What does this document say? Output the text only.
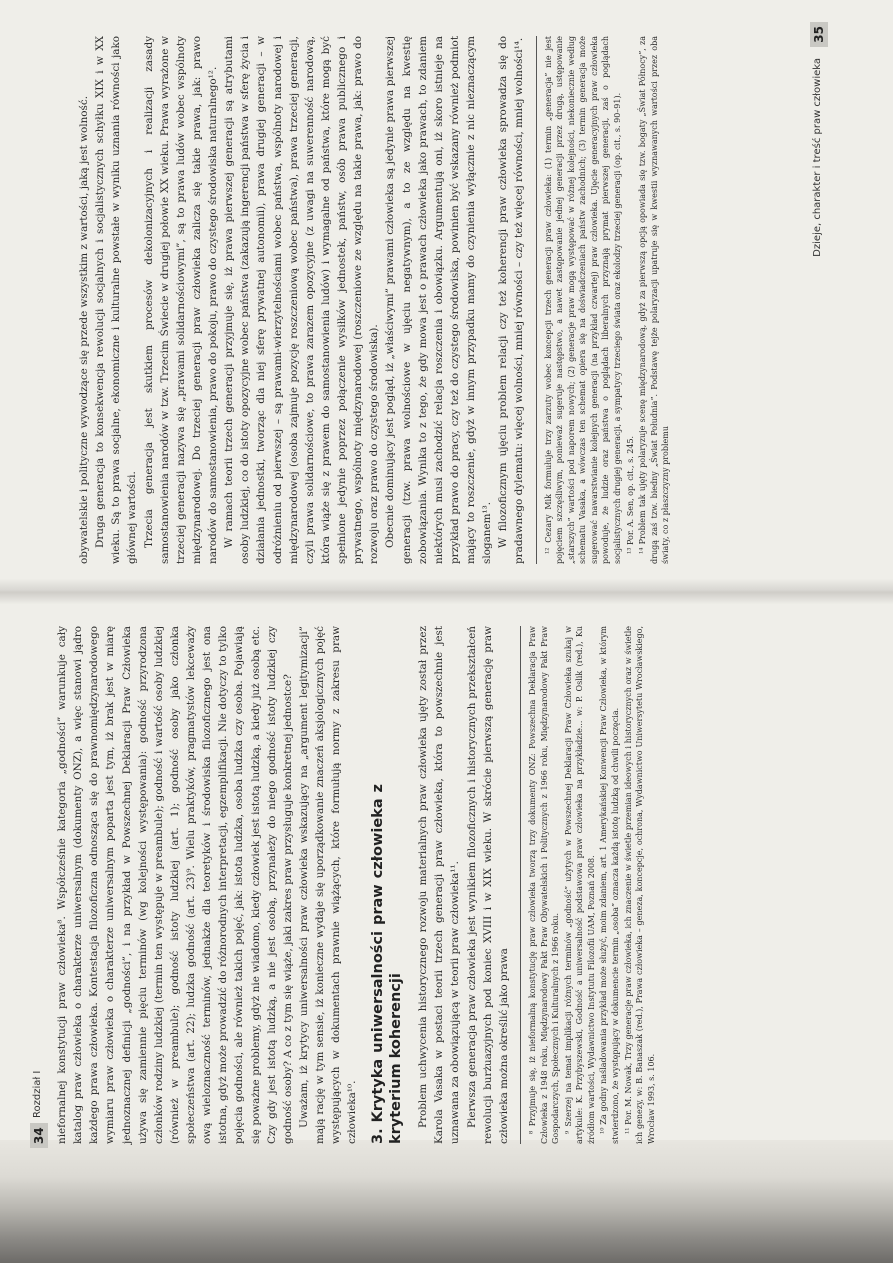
34
Rozdział I niefornalnej konstytucji praw człowieka⁸. Współcześnie kategoria „godności” warunkuje cały katalog praw człowieka o charakterze uniwersalnym (dokumenty ONZ), a więc stanowi jądro każdego prawa człowieka. Kontestacja filozoficzna odnosząca się do prawnomiędzynarodowego wymiaru praw człowieka o charakterze uniwersalnym poparta jest tym, iż brak jest w miarę jednoznacznej definicji „godności”, i na przykład w Powszechnej Deklaracji Praw Człowieka używa się zamiennie pięciu terminów (wg kolejności występowania): godność przyrodzona członków rodziny ludzkiej (termin ten występuje w preambule); godność i wartość osoby ludzkiej (również w preambule); godność istoty ludzkiej (art. 1); godność osoby jako członka społeczeństwa (art. 22); ludzka godność (art. 23)⁹. Wielu praktyków, pragmatystów lekceważy ową wieloznaczność terminów, jednakże dla teoretyków i środowiska filozoficznego jest ona istotna, gdyż może prowadzić do różnorodnych interpretacji, egzemplifikacji. Nie dotyczy to tylko pojęcia godności, ale również takich pojęć, jak: istota ludzka, osoba ludzka czy osoba. Pojawiają się poważne problemy, gdyż nie wiadomo, kiedy człowiek jest istotą ludzką, a kiedy już osobą etc. Czy gdy jest istotą ludzką, a nie jest osobą, przynależy do niego godność istoty ludzkiej czy godność osoby? A co z tym się wiąże, jaki zakres praw przysługuje konkretnej jednostce? Uważam, iż krytycy uniwersalności praw człowieka wskazujący na „argument legitymizacji” mają rację w tym sensie, iż konieczne wydaje się uporządkowanie znaczeń aksjologicznych pojęć występujących w dokumentach prawnie wiążących, które formułują normy z zakresu praw człowieka¹⁰. 3. Krytyka uniwersalności praw człowieka z kryterium koherencji Problem uchwycenia historycznego rozwoju materialnych praw człowieka ujęty został przez Karola Vasaka w postaci teorii trzech generacji praw człowieka, która to powszechnie jest uznawana za obowiązującą w teorii praw człowieka¹¹. Pierwsza generacja praw człowieka jest wynikiem filozoficznych i historycznych przekształceń rewolucji burżuazyjnych pod koniec XVIII i w XIX wieku. W skrócie pierwszą generację praw człowieka można określić jako prawa ⁸ Przyjmuje się, iż nieformalną konstytucję praw człowieka tworzą trzy dokumenty ONZ: Powszechna Deklaracja Praw Człowieka z 1948 roku, Międzynarodowy Pakt Praw Obywatelskich i Politycznych z 1966 roku, Międzynarodowy Pakt Praw Gospodarczych, Społecznych i Kulturalnych z 1966 roku. ⁹ Szerzej na temat implikacji różnych terminów „godność” użytych w Powszechnej Deklaracji Praw Człowieka szukaj w artykule: K. Przybyszewski, Godność a uniwersalność podstawowa praw człowieka na przykładzie... w: P. Oslik (red.), Ku źródłom wartości, Wydawnictwo Instytutu Filozofii UAM, Poznań 2008. ¹⁰ Za godny naśladowania przykład może służyć, moim zdaniem, art. 1 Amerykańskiej Konwencji Praw Człowieka, w którym stwierdzono, że występujący w dokumencie termin „osoba” oznacza każdą istotę ludzką od chwili poczęcia. ¹¹ Por. M. Nowak, Trzy generacje praw człowieka, ich znaczenie w świetle przemian ideowych i historycznych oraz w świetle ich genezy, w: B. Banaszak (red.), Prawa człowieka – geneza, koncepcje, ochrona, Wydawnictwo Uniwersytetu Wrocławskiego, Wrocław 1993, s. 106.

obywatelskie i polityczne wywodzące się przede wszystkim z wartości, jaką jest wolność. Druga generacja to konsekwencja rewolucji socjalnych i socjalistycznych schyłku XIX i w XX wieku. Są to prawa socjalne, ekonomiczne i kulturalne powstałe w wyniku uznania równości jako głównej wartości. Trzecia generacja jest skutkiem procesów dekolonizacyjnych i realizacji zasady samostanowienia narodów w tzw. Trzecim Świecie w drugiej połowie XX wieku. Prawa wyrażone w trzeciej generacji nazywa się „prawami solidarnościowymi”, są to prawa ludów wobec wspólnoty międzynarodowej. Do trzeciej generacji praw człowieka zalicza się takie prawa, jak: prawo narodów do samostanowienia, prawo do pokoju, prawo do czystego środowiska naturalnego¹². W ramach teorii trzech generacji przyjmuje się, iż prawa pierwszej generacji są atrybutami osoby ludzkiej, co do istoty opozycyjne wobec państwa (zakazują ingerencji państwa w sferę życia i działania jednostki, tworząc dla niej sferę prywatnej autonomii), prawa drugiej generacji – w odróżnieniu od pierwszej – są prawami-wierzytelnościami wobec państwa, wspólnoty narodowej i międzynarodowej (osoba zajmuje pozycję roszczeniową wobec państwa), prawa trzeciej generacji, czyli prawa solidarnościowe, to prawa zarazem opozycyjne (z uwagi na suwerenność narodową, która wiąże się z prawem do samostanowienia ludów) i wymagalne od państwa, które mogą być spełnione jedynie poprzez połączenie wysiłków jednostek, państw, osób prawa publicznego i prywatnego, wspólnoty międzynarodowej (roszczeniowe ze względu na takie prawa, jak: prawo do rozwoju oraz prawo do czystego środowiska). Obecnie dominujący jest pogląd, iż „właściwymi” prawami człowieka są jedynie prawa pierwszej generacji (tzw. prawa wolnościowe w ujęciu negatywnym), a to ze względu na kwestię zobowiązania. Wynika to z tego, że gdy mowa jest o prawach człowieka jako prawach, to zdaniem niektórych musi zachodzić relacja roszczenia i obowiązku. Argumentują oni, iż skoro istnieje na przykład prawo do pracy, czy też do czystego środowiska, powinien być wskazany również podmiot mający to roszczenie, gdyż w innym przypadku mamy do czynienia wyłącznie z nic nieznaczącym sloganem¹³. W filozoficznym ujęciu problem relacji czy też koherencji praw człowieka sprowadza się do pradawnego dylematu: więcej wolności, mniej równości – czy też więcej równości, mniej wolności¹⁴. ¹² Cezary Mik formułuje trzy zarzuty wobec koncepcji trzech generacji praw człowieka: (1) termin „generacja” nie jest pojęciem szczęśliwym, ponieważ sugeruje następstwo, a nawet zastępowanie jednej generacji przez drugą, ustępowanie „starszych” wartości pod naporem nowych; (2) generacje praw mogą występować w różnej kolejności, niekoniecznie według schematu Vasaka, a wówczas ten schemat opiera się na doświadczeniach państw zachodnich; (3) termin generacja może sugerować nawarstwianie kolejnych generacji (na przykład czwartej) praw człowieka. Ujęcie generacyjnych praw człowieka powoduje, że ludzie oraz państwa o poglądach liberalnych przyznają prymat pierwszej generacji, zaś o poglądach socjalistycznych drugiej generacji, a sympatycy trzeciego świata oraz ekolodzy trzeciej generacji (op. cit., s. 90–91). ¹³ Por. A. Sen, op. cit., s. 245. ¹⁴ Problem tak ujęty polaryzuje scenę międzynarodową, gdyż za pierwszą opcją opowiada się tzw. bogaty „Świat Północy”, za drugą zaś tzw. biedny „Świat Południa”. Podstawę tejże polaryzacji upatruje się w kwestii wyznawanych wartości przez oba światy, co z płaszczyzny problemu

Dzieje, charakter i treść praw człowieka
35
